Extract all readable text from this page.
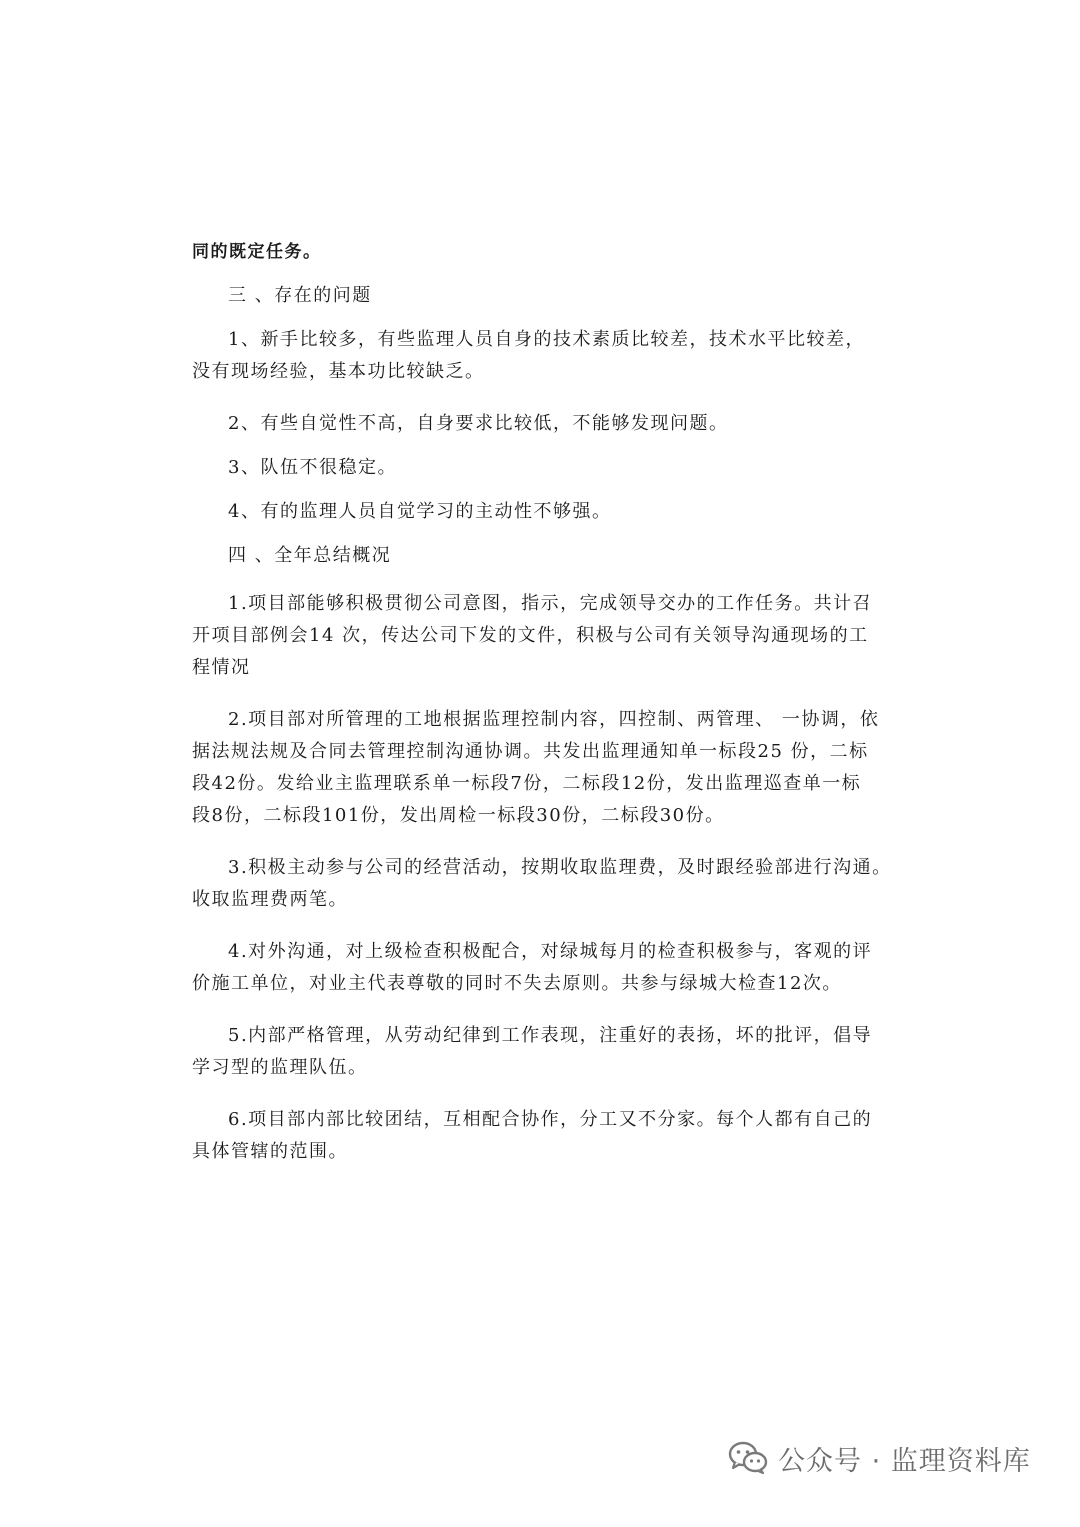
同的既定任务。

三 、存在的问题

1、新手比较多，有些监理人员自身的技术素质比较差，技术水平比较差，
没有现场经验，基本功比较缺乏。

2、有些自觉性不高，自身要求比较低，不能够发现问题。

3、队伍不很稳定。

4、有的监理人员自觉学习的主动性不够强。

四 、全年总结概况

1.项目部能够积极贯彻公司意图，指示，完成领导交办的工作任务。共计召
开项目部例会14 次，传达公司下发的文件，积极与公司有关领导沟通现场的工
程情况

2.项目部对所管理的工地根据监理控制内容，四控制、两管理、 一协调，依
据法规法规及合同去管理控制沟通协调。共发出监理通知单一标段25 份，二标
段42份。发给业主监理联系单一标段7份，二标段12份，发出监理巡查单一标
段8份，二标段101份，发出周检一标段30份，二标段30份。

3.积极主动参与公司的经营活动，按期收取监理费，及时跟经验部进行沟通。
收取监理费两笔。

4.对外沟通，对上级检查积极配合，对绿城每月的检查积极参与，客观的评
价施工单位，对业主代表尊敬的同时不失去原则。共参与绿城大检查12次。

5.内部严格管理，从劳动纪律到工作表现，注重好的表扬，坏的批评，倡导
学习型的监理队伍。

6.项目部内部比较团结，互相配合协作，分工又不分家。每个人都有自己的
具体管辖的范围。

公众号 · 监理资料库
